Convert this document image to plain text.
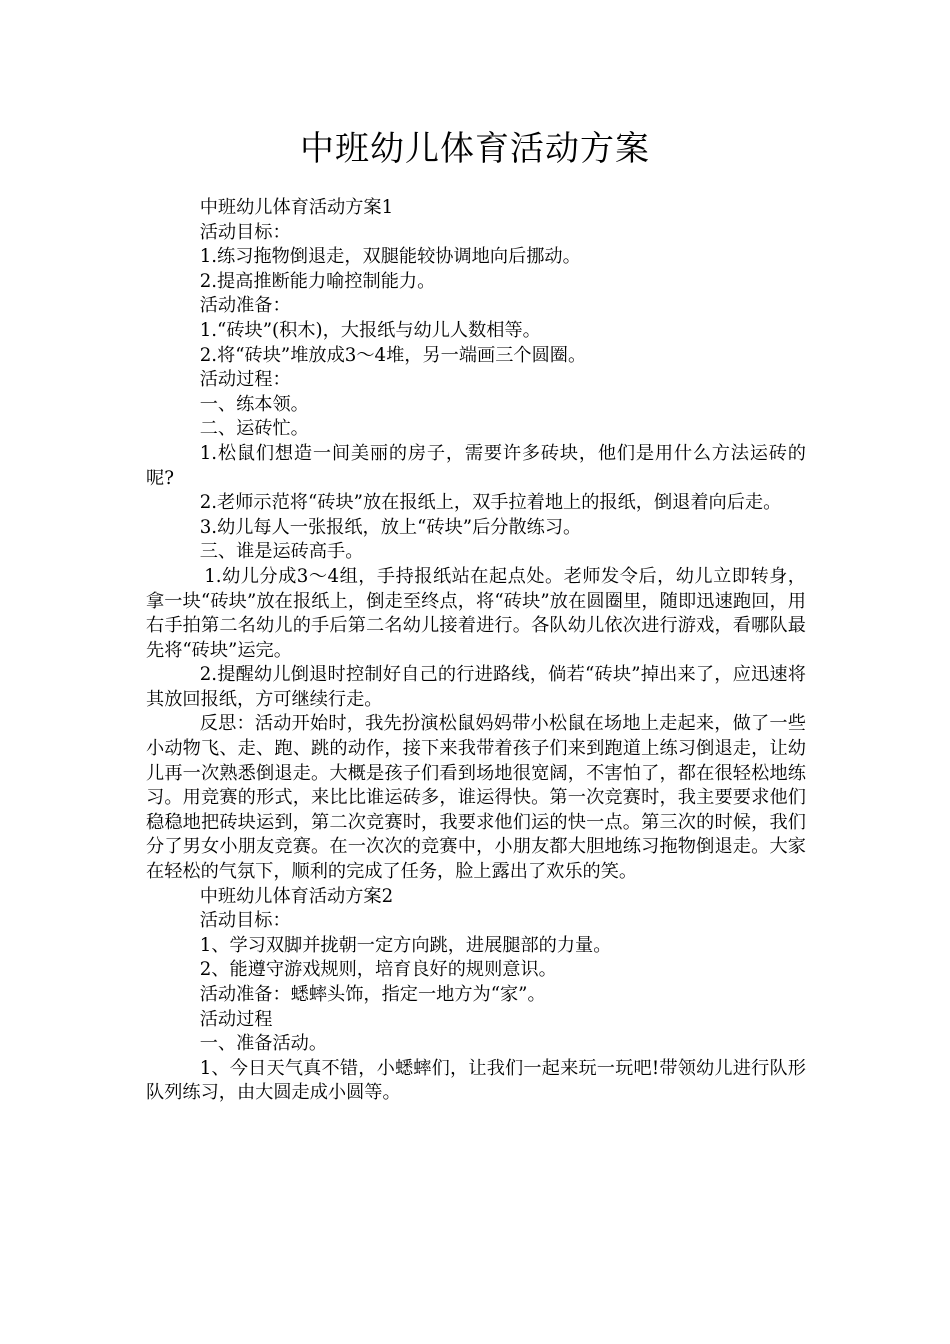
中班幼儿体育活动方案

中班幼儿体育活动方案1

活动目标：

1.练习拖物倒退走，双腿能较协调地向后挪动。

2.提高推断能力喻控制能力。

活动准备：

1.“砖块”(积木)，大报纸与幼儿人数相等。

2.将“砖块”堆放成3～4堆，另一端画三个圆圈。

活动过程：

一、练本领。

二、运砖忙。

1.松鼠们想造一间美丽的房子，需要许多砖块，他们是用什么方法运砖的呢?

2.老师示范将“砖块”放在报纸上，双手拉着地上的报纸，倒退着向后走。

3.幼儿每人一张报纸，放上“砖块”后分散练习。

三、谁是运砖高手。

1.幼儿分成3～4组，手持报纸站在起点处。老师发令后，幼儿立即转身，拿一块“砖块”放在报纸上，倒走至终点，将“砖块”放在圆圈里，随即迅速跑回，用右手拍第二名幼儿的手后第二名幼儿接着进行。各队幼儿依次进行游戏，看哪队最先将“砖块”运完。

2.提醒幼儿倒退时控制好自己的行进路线，倘若“砖块”掉出来了，应迅速将其放回报纸，方可继续行走。

反思：活动开始时，我先扮演松鼠妈妈带小松鼠在场地上走起来，做了一些小动物飞、走、跑、跳的动作，接下来我带着孩子们来到跑道上练习倒退走，让幼儿再一次熟悉倒退走。大概是孩子们看到场地很宽阔，不害怕了，都在很轻松地练习。用竞赛的形式，来比比谁运砖多，谁运得快。第一次竞赛时，我主要要求他们稳稳地把砖块运到，第二次竞赛时，我要求他们运的快一点。第三次的时候，我们分了男女小朋友竞赛。在一次次的竞赛中，小朋友都大胆地练习拖物倒退走。大家在轻松的气氛下，顺利的完成了任务，脸上露出了欢乐的笑。

中班幼儿体育活动方案2

活动目标：

1、学习双脚并拢朝一定方向跳，进展腿部的力量。

2、能遵守游戏规则，培育良好的规则意识。

活动准备：蟋蟀头饰，指定一地方为“家”。

活动过程

一、准备活动。

1、今日天气真不错，小蟋蟀们，让我们一起来玩一玩吧!带领幼儿进行队形队列练习，由大圆走成小圆等。
